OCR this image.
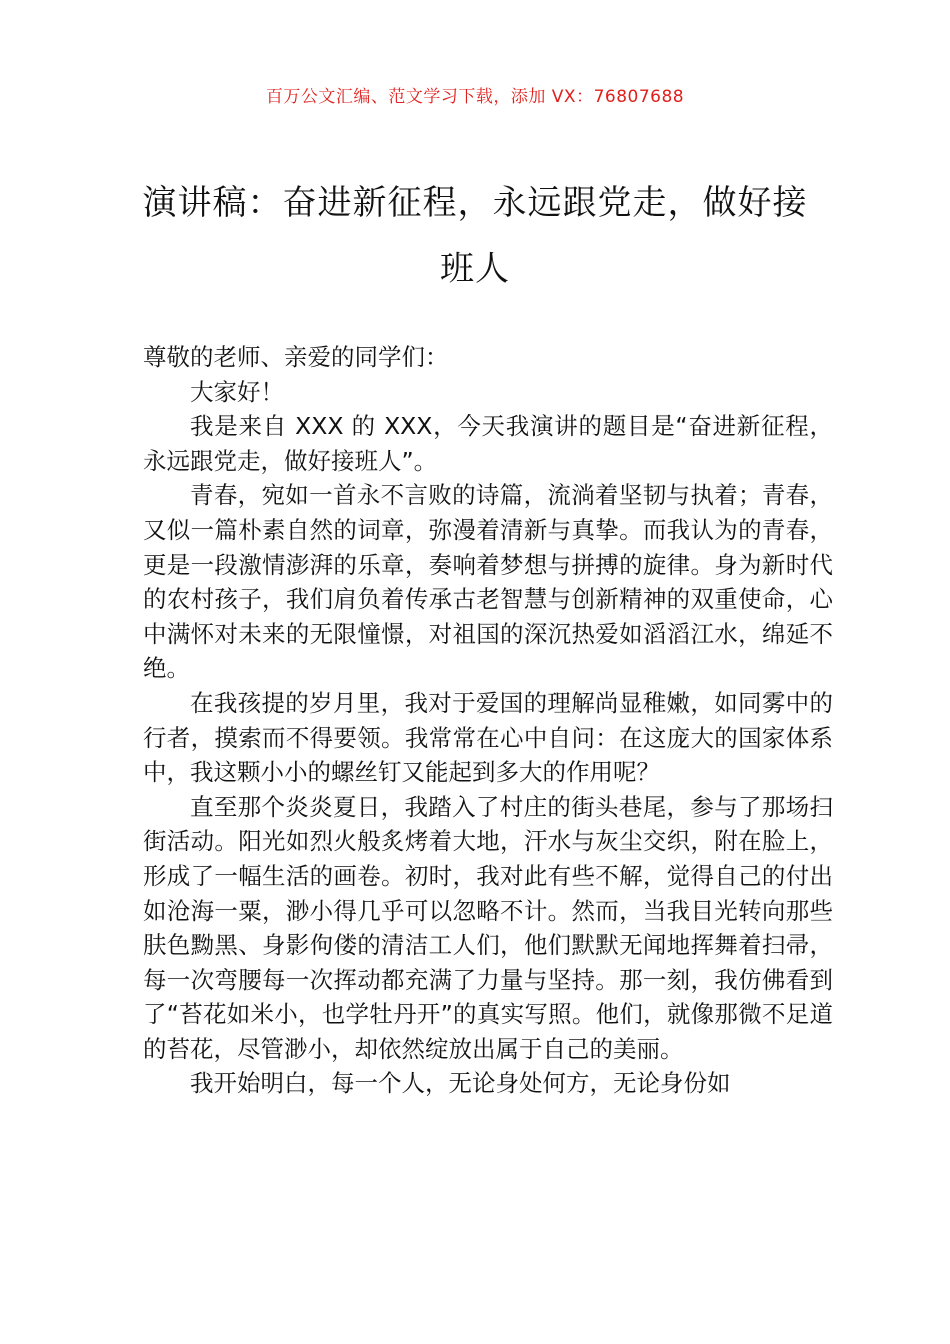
百万公文汇编、范文学习下载，添加 VX：76807688
演讲稿：奋进新征程，永远跟党走，做好接班人

尊敬的老师、亲爱的同学们：

大家好！

我是来自 XXX 的 XXX，今天我演讲的题目是“奋进新征程，永远跟党走，做好接班人”。

青春，宛如一首永不言败的诗篇，流淌着坚韧与执着；青春，又似一篇朴素自然的词章，弥漫着清新与真挚。而我认为的青春，更是一段激情澎湃的乐章，奏响着梦想与拼搏的旋律。身为新时代的农村孩子，我们肩负着传承古老智慧与创新精神的双重使命，心中满怀对未来的无限憧憬，对祖国的深沉热爱如滔滔江水，绵延不绝。

在我孩提的岁月里，我对于爱国的理解尚显稚嫩，如同雾中的行者，摸索而不得要领。我常常在心中自问：在这庞大的国家体系中，我这颗小小的螺丝钉又能起到多大的作用呢？

直至那个炎炎夏日，我踏入了村庄的街头巷尾，参与了那场扫街活动。阳光如烈火般炙烤着大地，汗水与灰尘交织，附在脸上，形成了一幅生活的画卷。初时，我对此有些不解，觉得自己的付出如沧海一粟，渺小得几乎可以忽略不计。然而，当我目光转向那些肤色黝黑、身影佝偻的清洁工人们，他们默默无闻地挥舞着扫帚，每一次弯腰每一次挥动都充满了力量与坚持。那一刻，我仿佛看到了“苔花如米小，也学牡丹开”的真实写照。他们，就像那微不足道的苔花，尽管渺小，却依然绽放出属于自己的美丽。

我开始明白，每一个人，无论身处何方，无论身份如
